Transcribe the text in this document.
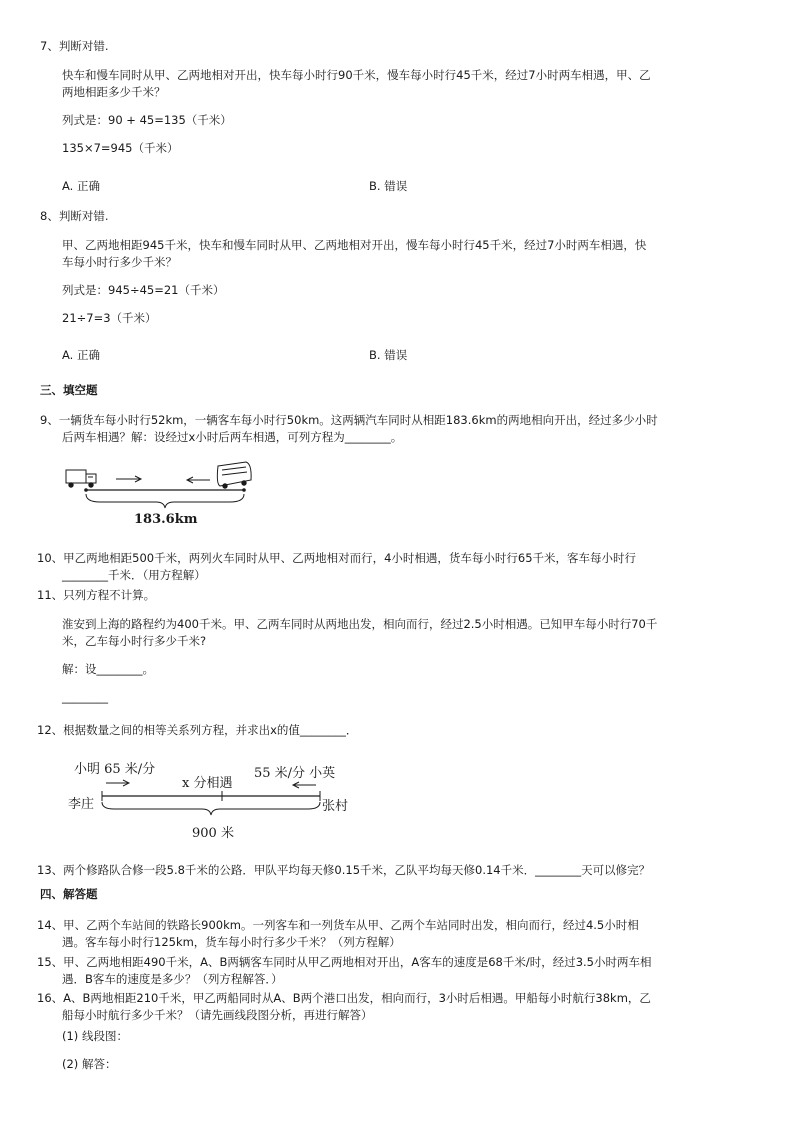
7、判断对错.
快车和慢车同时从甲、乙两地相对开出，快车每小时行90千米，慢车每小时行45千米，经过7小时两车相遇，甲、乙
两地相距多少千米？
列式是：90 + 45=135（千米）
135×7=945（千米）
A. 正确	B. 错误
8、判断对错.
甲、乙两地相距945千米，快车和慢车同时从甲、乙两地相对开出，慢车每小时行45千米，经过7小时两车相遇，快
车每小时行多少千米？
列式是：945÷45=21（千米）
21÷7=3（千米）
A. 正确	B. 错误
三、填空题
9、一辆货车每小时行52km，一辆客车每小时行50km。这两辆汽车同时从相距183.6km的两地相向开出，经过多少小时
后两车相遇？解：设经过x小时后两车相遇，可列方程为________。
183.6km
10、甲乙两地相距500千米，两列火车同时从甲、乙两地相对而行，4小时相遇，货车每小时行65千米，客车每小时行
________千米．（用方程解）
11、只列方程不计算。
淮安到上海的路程约为400千米。甲、乙两车同时从两地出发，相向而行，经过2.5小时相遇。已知甲车每小时行70千
米，乙车每小时行多少千米?
解：设________。
________
12、根据数量之间的相等关系列方程，并求出x的值________．
小明 65 米/分
x 分相遇
55 米/分 小英
李庄	张村
900 米
13、两个修路队合修一段5.8千米的公路．甲队平均每天修0.15千米，乙队平均每天修0.14千米．________天可以修完？
四、解答题
14、甲、乙两个车站间的铁路长900km。一列客车和一列货车从甲、乙两个车站同时出发，相向而行，经过4.5小时相
遇。客车每小时行125km，货车每小时行多少千米？（列方程解）
15、甲、乙两地相距490千米，A、B两辆客车同时从甲乙两地相对开出，A客车的速度是68千米/时，经过3.5小时两车相
遇．B客车的速度是多少？（列方程解答．）
16、A、B两地相距210千米，甲乙两船同时从A、B两个港口出发，相向而行，3小时后相遇。甲船每小时航行38km，乙
船每小时航行多少千米？（请先画线段图分析，再进行解答）
(1) 线段图：
(2) 解答：
